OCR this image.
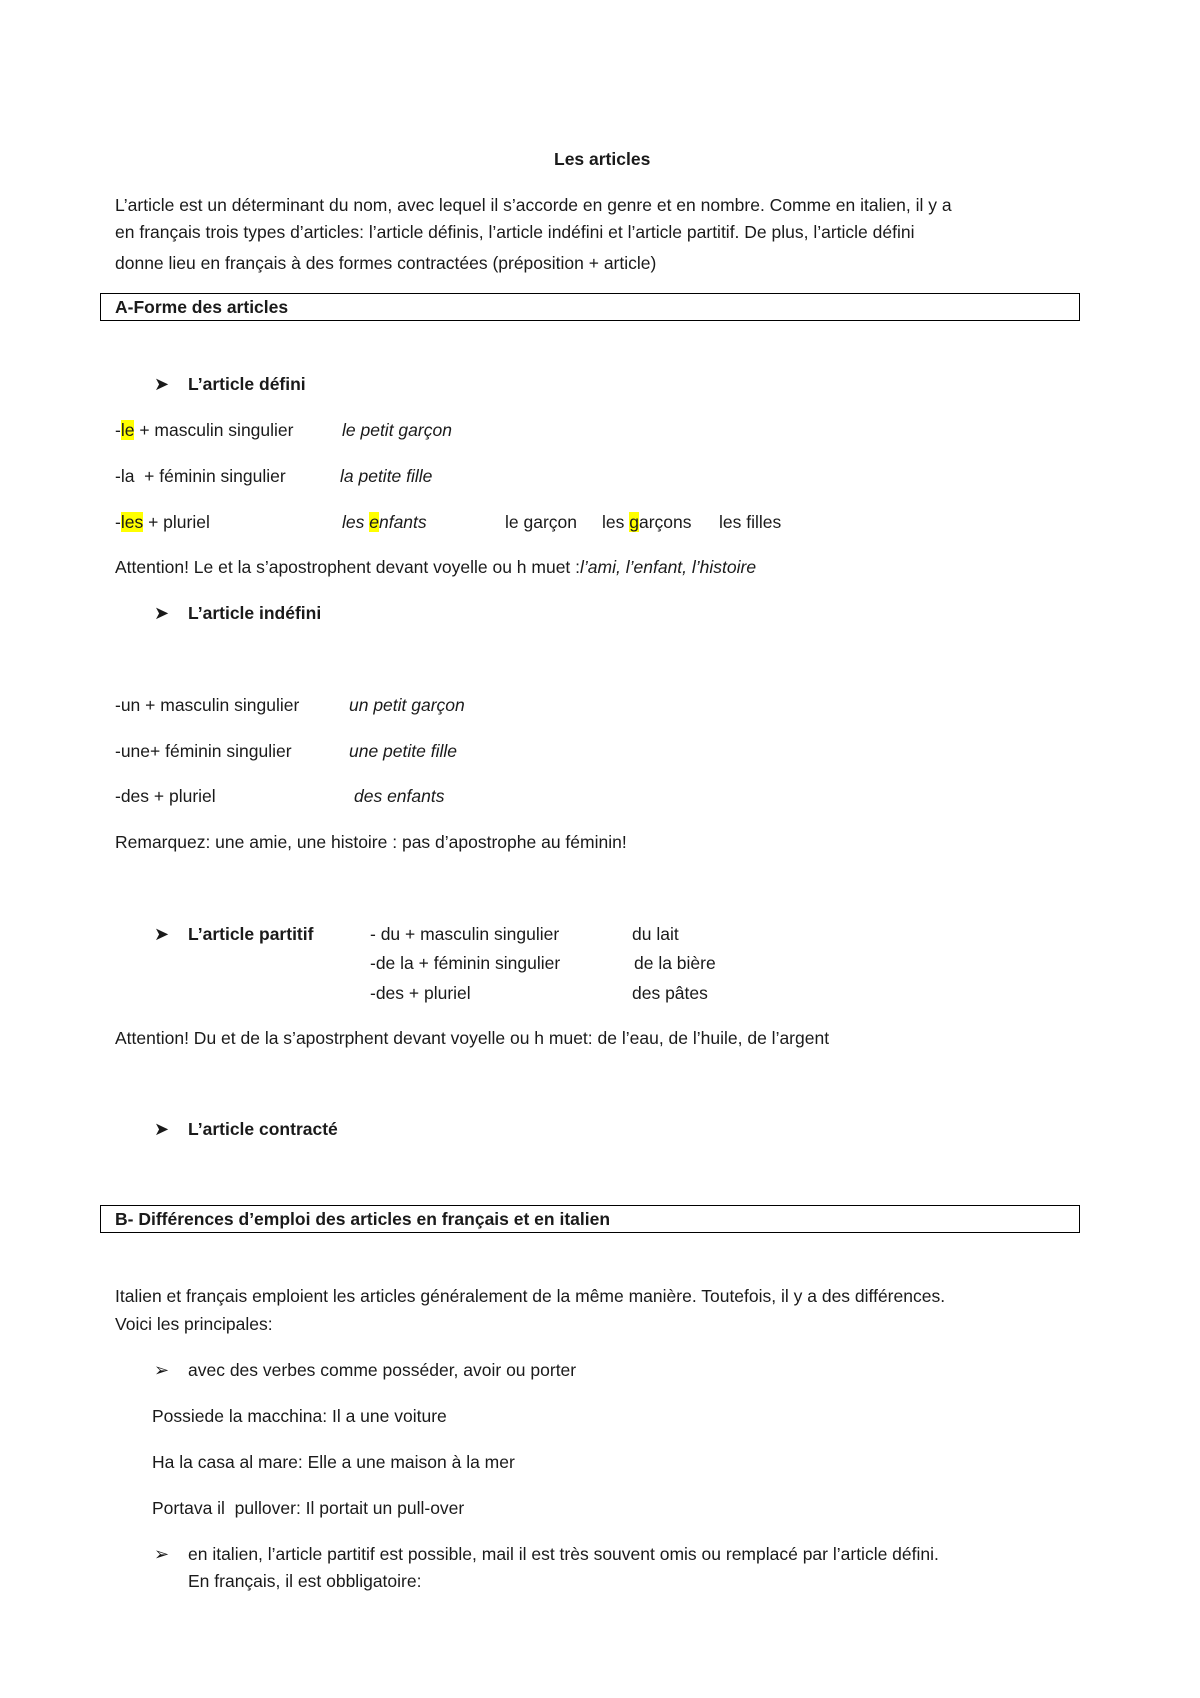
Les articles
L’article est un déterminant du nom, avec lequel il s’accorde en genre et en nombre. Comme en italien, il y a
en français trois types d’articles: l’article définis, l’article indéfini et l’article partitif. De plus, l’article défini
donne lieu en français à des formes contractées (préposition + article)
A-Forme des articles
➤ L’article défini
-le + masculin singulier	le petit garçon
-la  + féminin singulier	la petite fille
-les + pluriel	les enfants	le garçon les garçons les filles
Attention! Le et la s’apostrophent devant voyelle ou h muet :l’ami, l’enfant, l’histoire
➤ L’article indéfini
-un + masculin singulier	un petit garçon
-une+ féminin singulier	une petite fille
-des + pluriel	des enfants
Remarquez: une amie, une histoire : pas d’apostrophe au féminin!
➤ L’article partitif	- du + masculin singulier	du lait
-de la + féminin singulier	de la bière
-des + pluriel	des pâtes
Attention! Du et de la s’apostrphent devant voyelle ou h muet: de l’eau, de l’huile, de l’argent
➤ L’article contracté
B- Différences d’emploi des articles en français et en italien
Italien et français emploient les articles généralement de la même manière. Toutefois, il y a des différences.
Voici les principales:
➢ avec des verbes comme posséder, avoir ou porter
Possiede la macchina: Il a une voiture
Ha la casa al mare: Elle a une maison à la mer
Portava il  pullover: Il portait un pull-over
➢ en italien, l’article partitif est possible, mail il est très souvent omis ou remplacé par l’article défini.
En français, il est obbligatoire:
